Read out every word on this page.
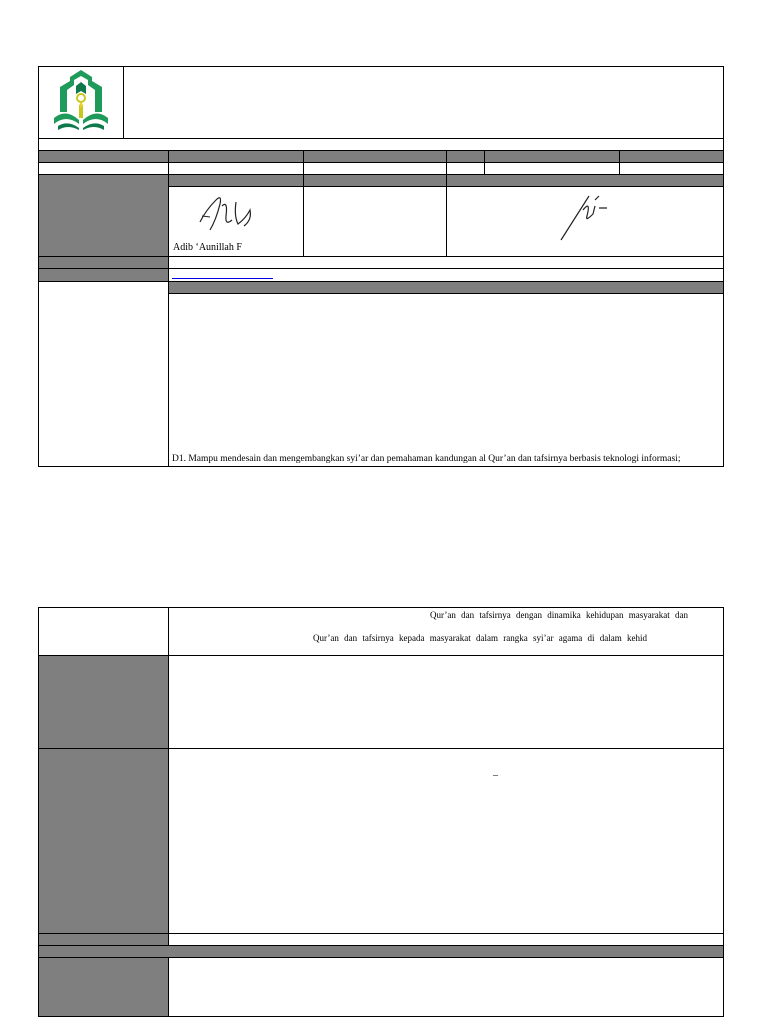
Adib ‘Aunillah F
D1. Mampu mendesain dan mengembangkan syi’ar dan pemahaman kandungan al Qur’an dan tafsirnya berbasis teknologi informasi;
Qur’an dan tafsirnya dengan dinamika kehidupan masyarakat dan
Qur’an dan tafsirnya kepada masyarakat dalam rangka syi’ar agama di dalam kehid
–
